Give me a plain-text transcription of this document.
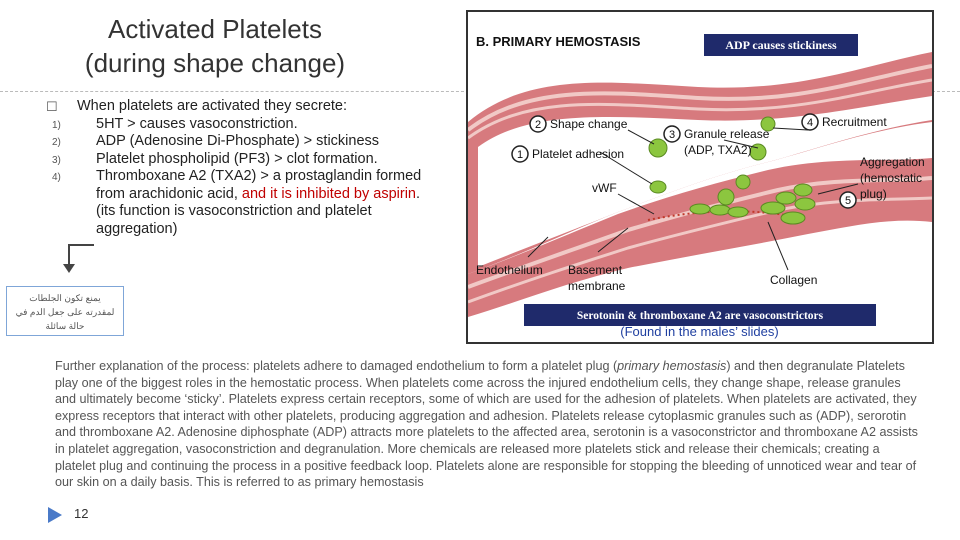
Activated Platelets
(during shape change)
☐ When platelets are activated they secrete:
1) 5HT > causes vasoconstriction.
2) ADP (Adenosine Di-Phosphate) > stickiness
3) Platelet phospholipid (PF3) > clot formation.
4) Thromboxane A2 (TXA2) > a prostaglandin formed from arachidonic acid, and it is inhibited by aspirin. (its function is vasoconstriction and platelet aggregation)
يمنع تكون الجلطات
لمقدرته على جعل الدم في
حالة سائلة
B. PRIMARY HEMOSTASIS	ADP causes stickiness
Serotonin & thromboxane A2 are vasoconstrictors
2
1
3
4
5
Shape change
Platelet adhesion
Granule release
(ADP, TXA2)
Recruitment
Aggregation
(hemostatic
plug)
vWF
Endothelium Basement
membrane	Collagen
(Found in the males’ slides)
Further explanation of the process: platelets adhere to damaged endothelium to form a platelet plug (primary hemostasis) and then degranulate Platelets play one of the biggest roles in the hemostatic process. When platelets come across the injured endothelium cells, they change shape, release granules and ultimately become ‘sticky’. Platelets express certain receptors, some of which are used for the adhesion of platelets. When platelets are activated, they express receptors that interact with other platelets, producing aggregation and adhesion. Platelets release cytoplasmic granules such as (ADP), serorotin and thromboxane A2. Adenosine diphosphate (ADP) attracts more platelets to the affected area, serotonin is a vasoconstrictor and thromboxane A2 assists in platelet aggregation, vasoconstriction and degranulation. More chemicals are released more platelets stick and release their chemicals; creating a platelet plug and continuing the process in a positive feedback loop. Platelets alone are responsible for stopping the bleeding of unnoticed wear and tear of our skin on a daily basis. This is referred to as primary hemostasis
12
